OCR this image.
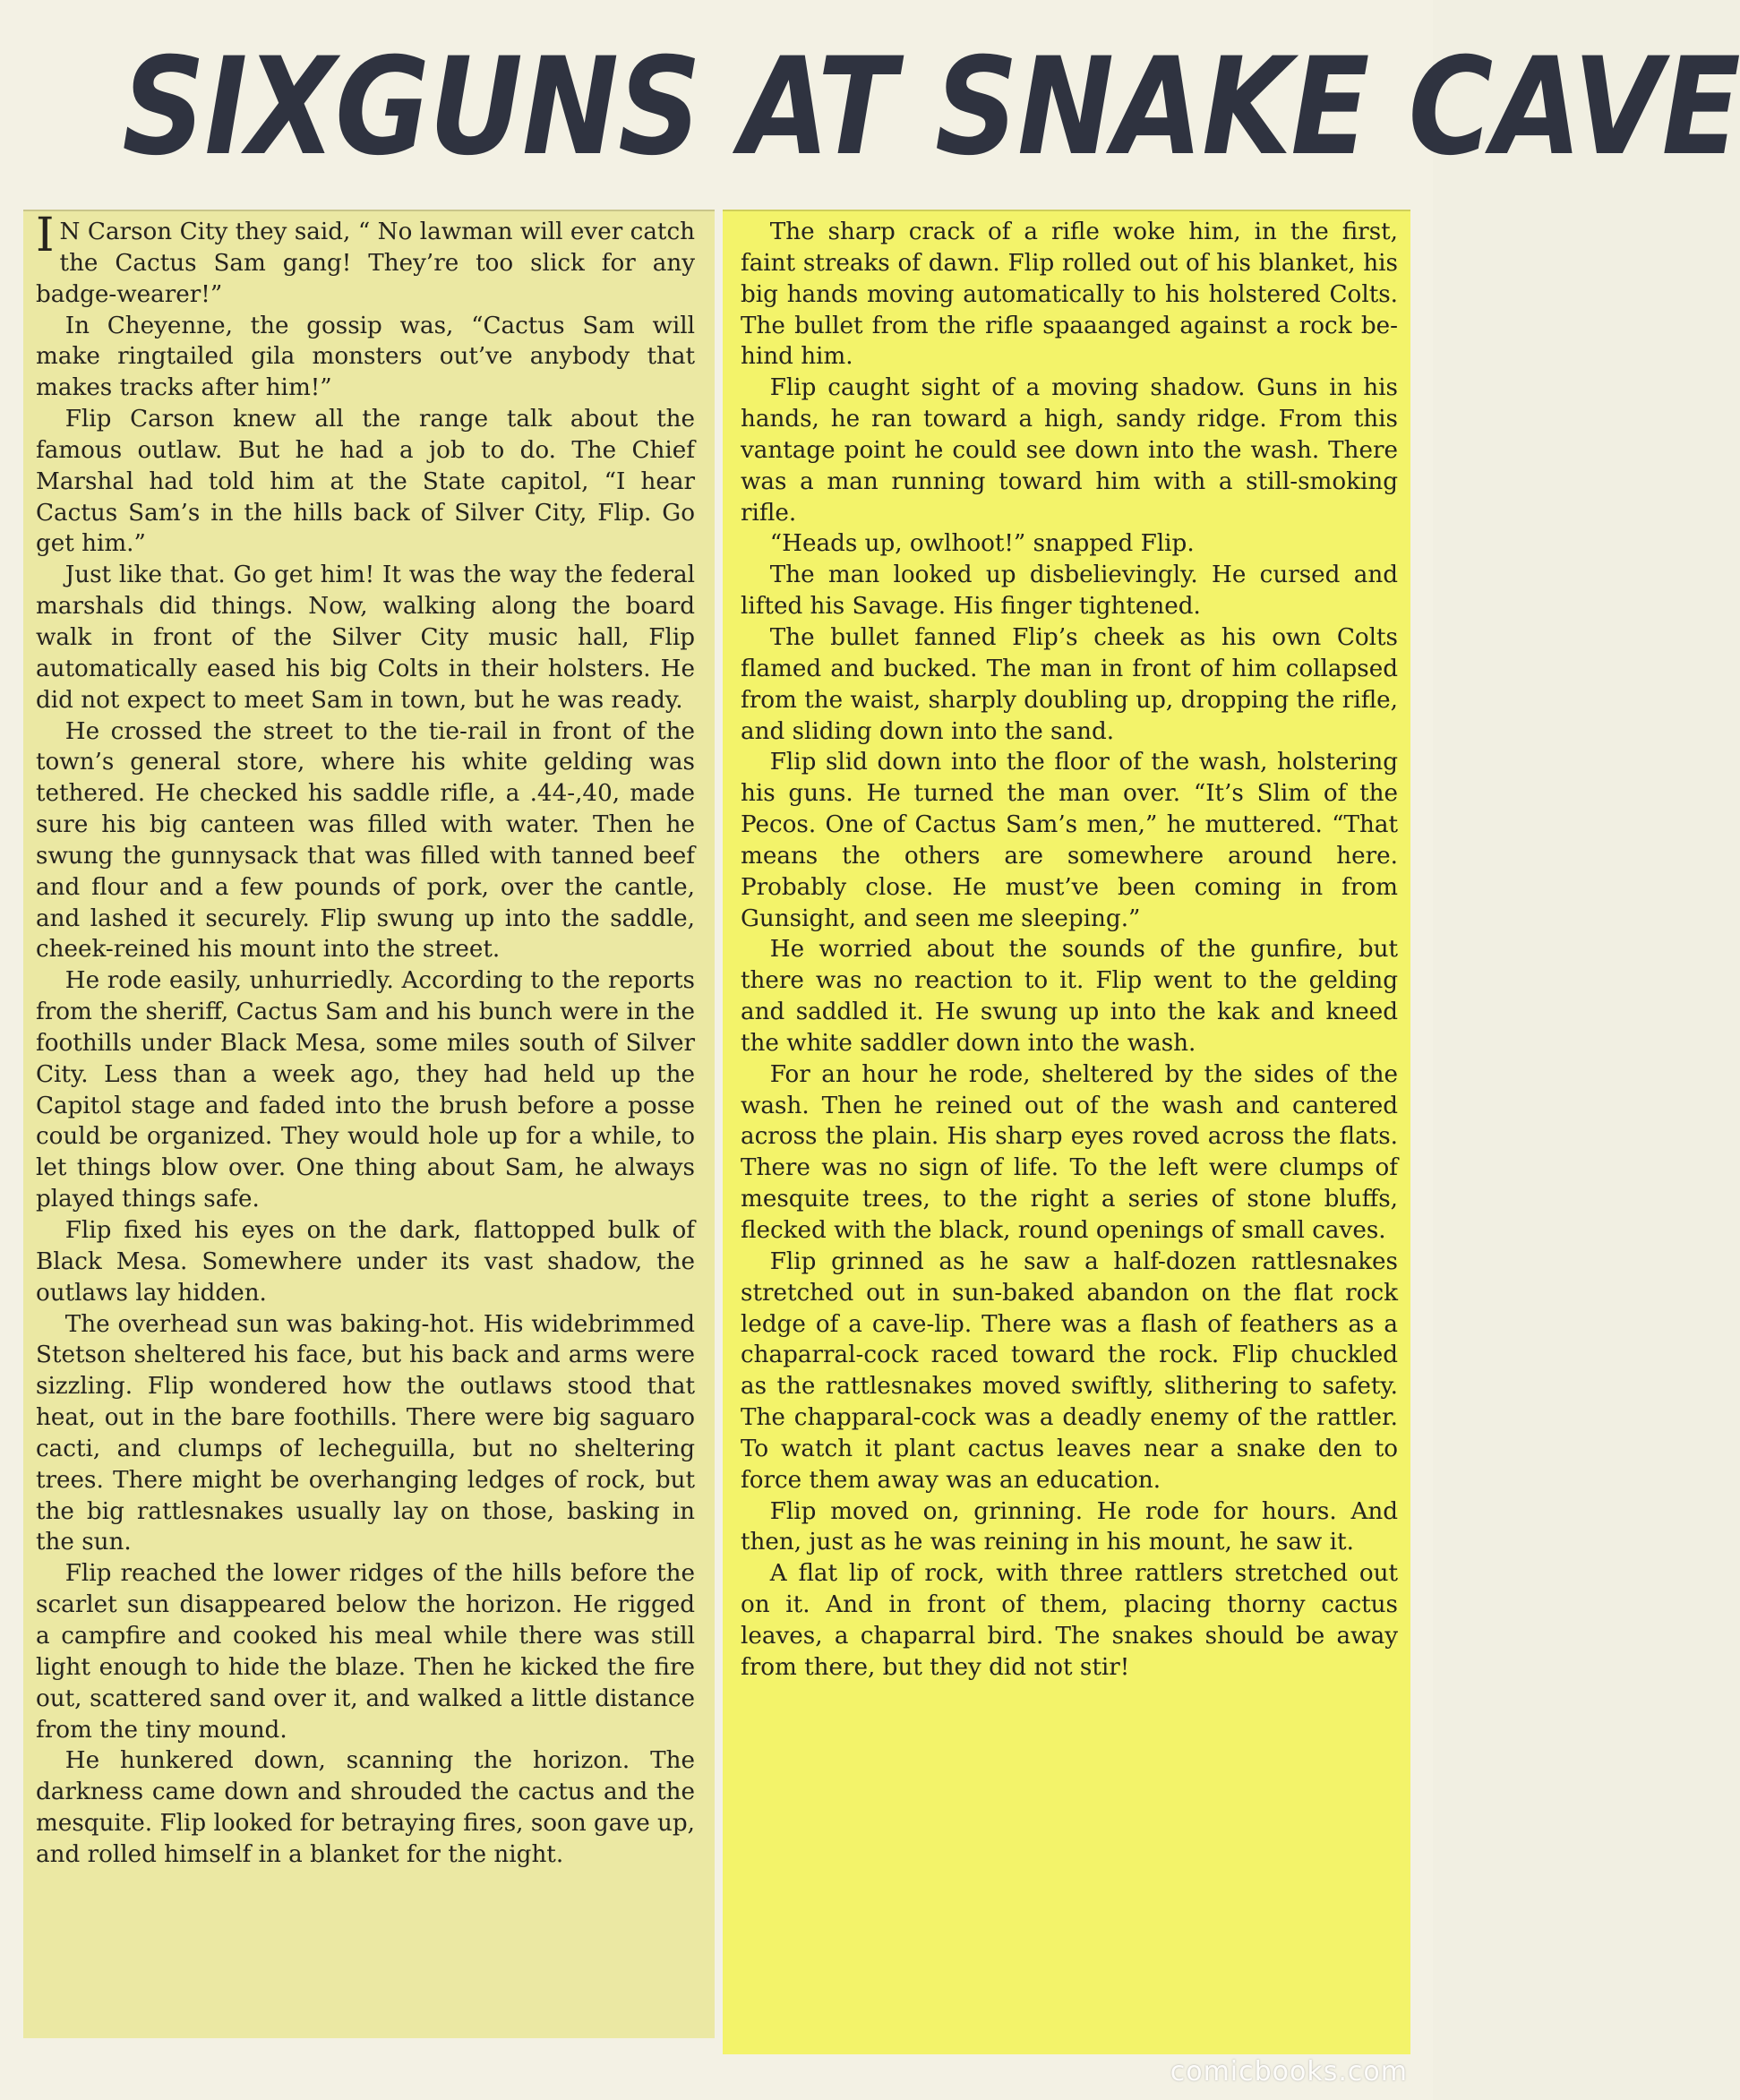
SIXGUNS AT SNAKE CAVE

I N Carson City they said, “ No lawman will ever catch the Cactus Sam gang! They’re too slick for any badge-wearer!”

In Cheyenne, the gossip was, “Cactus Sam will make ringtailed gila monsters out’ve anybody that makes tracks after him!”

Flip Carson knew all the range talk about the famous outlaw. But he had a job to do. The Chief Marshal had told him at the State capitol, “I hear Cactus Sam’s in the hills back of Silver City, Flip. Go get him.”

Just like that. Go get him! It was the way the federal marshals did things. Now, walking along the board walk in front of the Silver City music hall, Flip automatically eased his big Colts in their holsters. He did not expect to meet Sam in town, but he was ready.

He crossed the street to the tie-rail in front of the town’s general store, where his white gelding was tethered. He checked his saddle rifle, a .44-,40, made sure his big canteen was filled with water. Then he swung the gunnysack that was filled with tanned beef and flour and a few pounds of pork, over the cantle, and lashed it securely. Flip swung up into the saddle, cheek-reined his mount into the street.

He rode easily, unhurriedly. According to the reports from the sheriff, Cactus Sam and his bunch were in the foothills under Black Mesa, some miles south of Silver City. Less than a week ago, they had held up the Capitol stage and faded into the brush before a posse could be organized. They would hole up for a while, to let things blow over. One thing about Sam, he always played things safe.

Flip fixed his eyes on the dark, flattopped bulk of Black Mesa. Somewhere under its vast shadow, the outlaws lay hidden.

The overhead sun was baking-hot. His widebrimmed Stetson sheltered his face, but his back and arms were sizzling. Flip wondered how the outlaws stood that heat, out in the bare foothills. There were big saguaro cacti, and clumps of lecheguilla, but no sheltering trees. There might be overhanging ledges of rock, but the big rattlesnakes usually lay on those, basking in the sun.

Flip reached the lower ridges of the hills before the scarlet sun disappeared below the horizon. He rigged a campfire and cooked his meal while there was still light enough to hide the blaze. Then he kicked the fire out, scattered sand over it, and walked a little distance from the tiny mound.

He hunkered down, scanning the horizon. The darkness came down and shrouded the cactus and the mesquite. Flip looked for betraying fires, soon gave up, and rolled himself in a blanket for the night.

The sharp crack of a rifle woke him, in the first, faint streaks of dawn. Flip rolled out of his blanket, his big hands moving automatically to his holstered Colts. The bullet from the rifle spaaanged against a rock behind him.

Flip caught sight of a moving shadow. Guns in his hands, he ran toward a high, sandy ridge. From this vantage point he could see down into the wash. There was a man running toward him with a still-smoking rifle.

“Heads up, owlhoot!” snapped Flip.

The man looked up disbelievingly. He cursed and lifted his Savage. His finger tightened.

The bullet fanned Flip’s cheek as his own Colts flamed and bucked. The man in front of him collapsed from the waist, sharply doubling up, dropping the rifle, and sliding down into the sand.

Flip slid down into the floor of the wash, holstering his guns. He turned the man over. “It’s Slim of the Pecos. One of Cactus Sam’s men,” he muttered. “That means the others are somewhere around here. Probably close. He must’ve been coming in from Gunsight, and seen me sleeping.”

He worried about the sounds of the gunfire, but there was no reaction to it. Flip went to the gelding and saddled it. He swung up into the kak and kneed the white saddler down into the wash.

For an hour he rode, sheltered by the sides of the wash. Then he reined out of the wash and cantered across the plain. His sharp eyes roved across the flats. There was no sign of life. To the left were clumps of mesquite trees, to the right a series of stone bluffs, flecked with the black, round openings of small caves.

Flip grinned as he saw a half-dozen rattlesnakes stretched out in sun-baked abandon on the flat rock ledge of a cave-lip. There was a flash of feathers as a chaparral-cock raced toward the rock. Flip chuckled as the rattlesnakes moved swiftly, slithering to safety. The chapparal-cock was a deadly enemy of the rattler. To watch it plant cactus leaves near a snake den to force them away was an education.

Flip moved on, grinning. He rode for hours. And then, just as he was reining in his mount, he saw it.

A flat lip of rock, with three rattlers stretched out on it. And in front of them, placing thorny cactus leaves, a chaparral bird. The snakes should be away from there, but they did not stir!

comicbooks.com
